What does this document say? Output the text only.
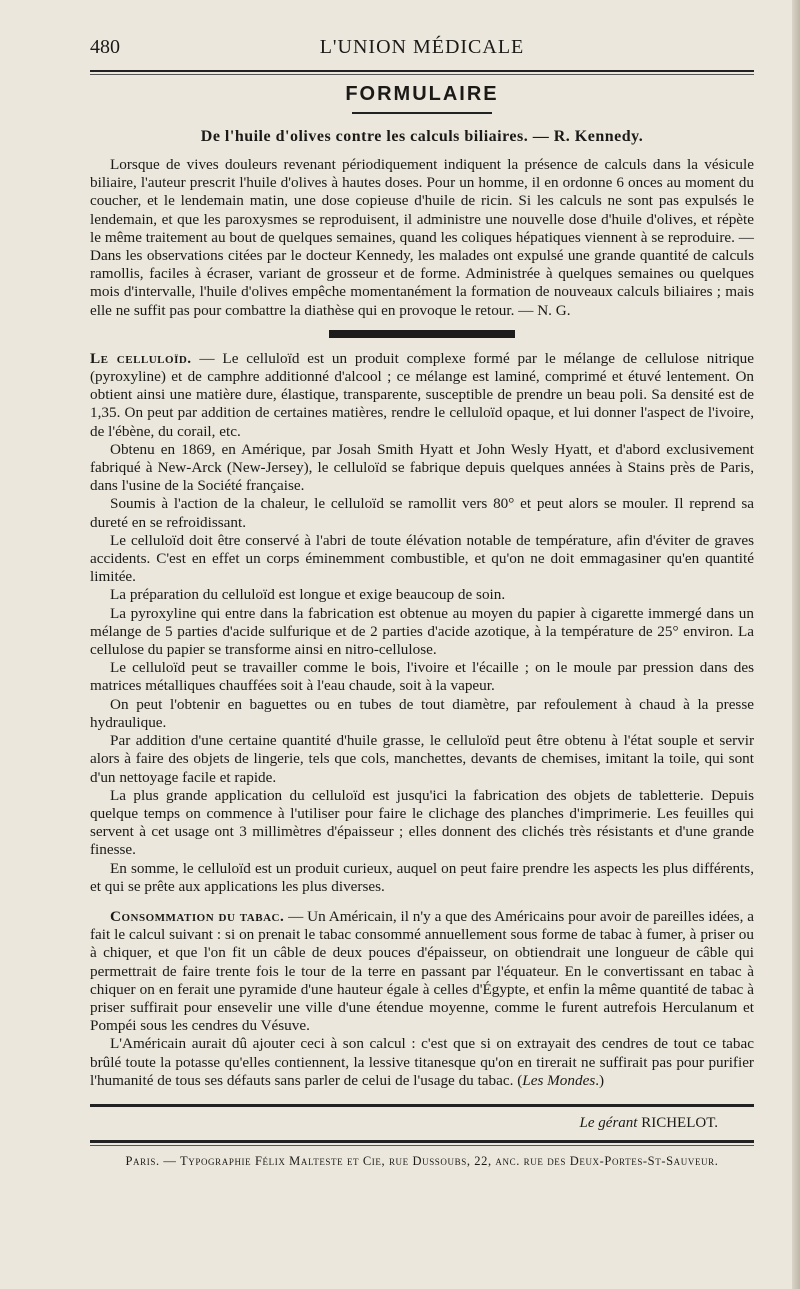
480	L'UNION MÉDICALE
FORMULAIRE
De l'huile d'olives contre les calculs biliaires. — R. Kennedy.

Lorsque de vives douleurs revenant périodiquement indiquent la présence de calculs dans la vésicule biliaire, l'auteur prescrit l'huile d'olives à hautes doses. Pour un homme, il en ordonne 6 onces au moment du coucher, et le lendemain matin, une dose copieuse d'huile de ricin. Si les calculs ne sont pas expulsés le lendemain, et que les paroxysmes se reproduisent, il administre une nouvelle dose d'huile d'olives, et répète le même traitement au bout de quelques semaines, quand les coliques hépatiques viennent à se reproduire. — Dans les observations citées par le docteur Kennedy, les malades ont expulsé une grande quantité de calculs ramollis, faciles à écraser, variant de grosseur et de forme. Administrée à quelques semaines ou quelques mois d'intervalle, l'huile d'olives empêche momentanément la formation de nouveaux calculs biliaires ; mais elle ne suffit pas pour combattre la diathèse qui en provoque le retour. — N. G.

Le celluloïd. — Le celluloïd est un produit complexe formé par le mélange de cellulose nitrique (pyroxyline) et de camphre additionné d'alcool ; ce mélange est laminé, comprimé et étuvé lentement. On obtient ainsi une matière dure, élastique, transparente, susceptible de prendre un beau poli. Sa densité est de 1,35. On peut par addition de certaines matières, rendre le celluloïd opaque, et lui donner l'aspect de l'ivoire, de l'ébène, du corail, etc.

Obtenu en 1869, en Amérique, par Josah Smith Hyatt et John Wesly Hyatt, et d'abord exclusivement fabriqué à New-Arck (New-Jersey), le celluloïd se fabrique depuis quelques années à Stains près de Paris, dans l'usine de la Société française.

Soumis à l'action de la chaleur, le celluloïd se ramollit vers 80° et peut alors se mouler. Il reprend sa dureté en se refroidissant.

Le celluloïd doit être conservé à l'abri de toute élévation notable de température, afin d'éviter de graves accidents. C'est en effet un corps éminemment combustible, et qu'on ne doit emmagasiner qu'en quantité limitée.

La préparation du celluloïd est longue et exige beaucoup de soin.

La pyroxyline qui entre dans la fabrication est obtenue au moyen du papier à cigarette immergé dans un mélange de 5 parties d'acide sulfurique et de 2 parties d'acide azotique, à la température de 25° environ. La cellulose du papier se transforme ainsi en nitro-cellulose.

Le celluloïd peut se travailler comme le bois, l'ivoire et l'écaille ; on le moule par pression dans des matrices métalliques chauffées soit à l'eau chaude, soit à la vapeur.

On peut l'obtenir en baguettes ou en tubes de tout diamètre, par refoulement à chaud à la presse hydraulique.

Par addition d'une certaine quantité d'huile grasse, le celluloïd peut être obtenu à l'état souple et servir alors à faire des objets de lingerie, tels que cols, manchettes, devants de chemises, imitant la toile, qui sont d'un nettoyage facile et rapide.

La plus grande application du celluloïd est jusqu'ici la fabrication des objets de tabletterie. Depuis quelque temps on commence à l'utiliser pour faire le clichage des planches d'imprimerie. Les feuilles qui servent à cet usage ont 3 millimètres d'épaisseur ; elles donnent des clichés très résistants et d'une grande finesse.

En somme, le celluloïd est un produit curieux, auquel on peut faire prendre les aspects les plus différents, et qui se prête aux applications les plus diverses.

Consommation du tabac. — Un Américain, il n'y a que des Américains pour avoir de pareilles idées, a fait le calcul suivant : si on prenait le tabac consommé annuellement sous forme de tabac à fumer, à priser ou à chiquer, et que l'on fit un câble de deux pouces d'épaisseur, on obtiendrait une longueur de câble qui permettrait de faire trente fois le tour de la terre en passant par l'équateur. En le convertissant en tabac à chiquer on en ferait une pyramide d'une hauteur égale à celles d'Égypte, et enfin la même quantité de tabac à priser suffirait pour ensevelir une ville d'une étendue moyenne, comme le furent autrefois Herculanum et Pompéi sous les cendres du Vésuve.

L'Américain aurait dû ajouter ceci à son calcul : c'est que si on extrayait des cendres de tout ce tabac brûlé toute la potasse qu'elles contiennent, la lessive titanesque qu'on en tirerait ne suffirait pas pour purifier l'humanité de tous ses défauts sans parler de celui de l'usage du tabac. (Les Mondes.)

Le gérant RICHELOT.
Paris. — Typographie Félix Malteste et Cie, rue Dussoubs, 22, anc. rue des Deux-Portes-St-Sauveur.
